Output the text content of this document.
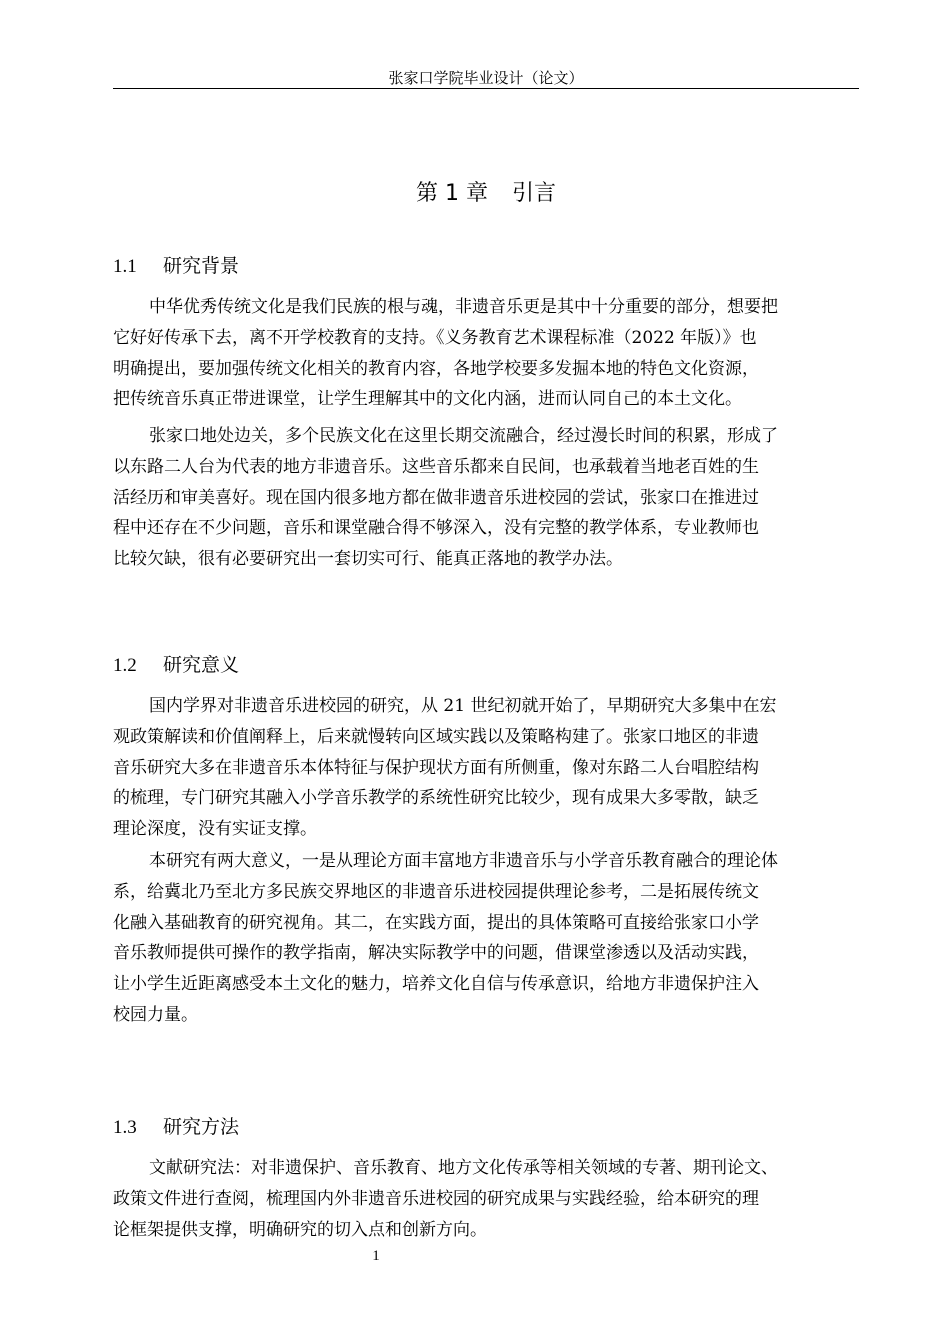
张家口学院毕业设计（论文）
第 1 章 引言
1.1 研究背景
中华优秀传统文化是我们民族的根与魂，非遗音乐更是其中十分重要的部分，想要把
它好好传承下去，离不开学校教育的支持。《义务教育艺术课程标准（2022 年版）》也
明确提出，要加强传统文化相关的教育内容，各地学校要多发掘本地的特色文化资源，
把传统音乐真正带进课堂，让学生理解其中的文化内涵，进而认同自己的本土文化。
张家口地处边关，多个民族文化在这里长期交流融合，经过漫长时间的积累，形成了
以东路二人台为代表的地方非遗音乐。这些音乐都来自民间，也承载着当地老百姓的生
活经历和审美喜好。现在国内很多地方都在做非遗音乐进校园的尝试，张家口在推进过
程中还存在不少问题，音乐和课堂融合得不够深入，没有完整的教学体系，专业教师也
比较欠缺，很有必要研究出一套切实可行、能真正落地的教学办法。
1.2 研究意义
国内学界对非遗音乐进校园的研究，从 21 世纪初就开始了，早期研究大多集中在宏
观政策解读和价值阐释上，后来就慢转向区域实践以及策略构建了。张家口地区的非遗
音乐研究大多在非遗音乐本体特征与保护现状方面有所侧重，像对东路二人台唱腔结构
的梳理，专门研究其融入小学音乐教学的系统性研究比较少，现有成果大多零散，缺乏
理论深度，没有实证支撑。
本研究有两大意义，一是从理论方面丰富地方非遗音乐与小学音乐教育融合的理论体
系，给冀北乃至北方多民族交界地区的非遗音乐进校园提供理论参考，二是拓展传统文
化融入基础教育的研究视角。其二，在实践方面，提出的具体策略可直接给张家口小学
音乐教师提供可操作的教学指南，解决实际教学中的问题，借课堂渗透以及活动实践，
让小学生近距离感受本土文化的魅力，培养文化自信与传承意识，给地方非遗保护注入
校园力量。
1.3 研究方法
文献研究法：对非遗保护、音乐教育、地方文化传承等相关领域的专著、期刊论文、
政策文件进行查阅，梳理国内外非遗音乐进校园的研究成果与实践经验，给本研究的理
论框架提供支撑，明确研究的切入点和创新方向。
1
